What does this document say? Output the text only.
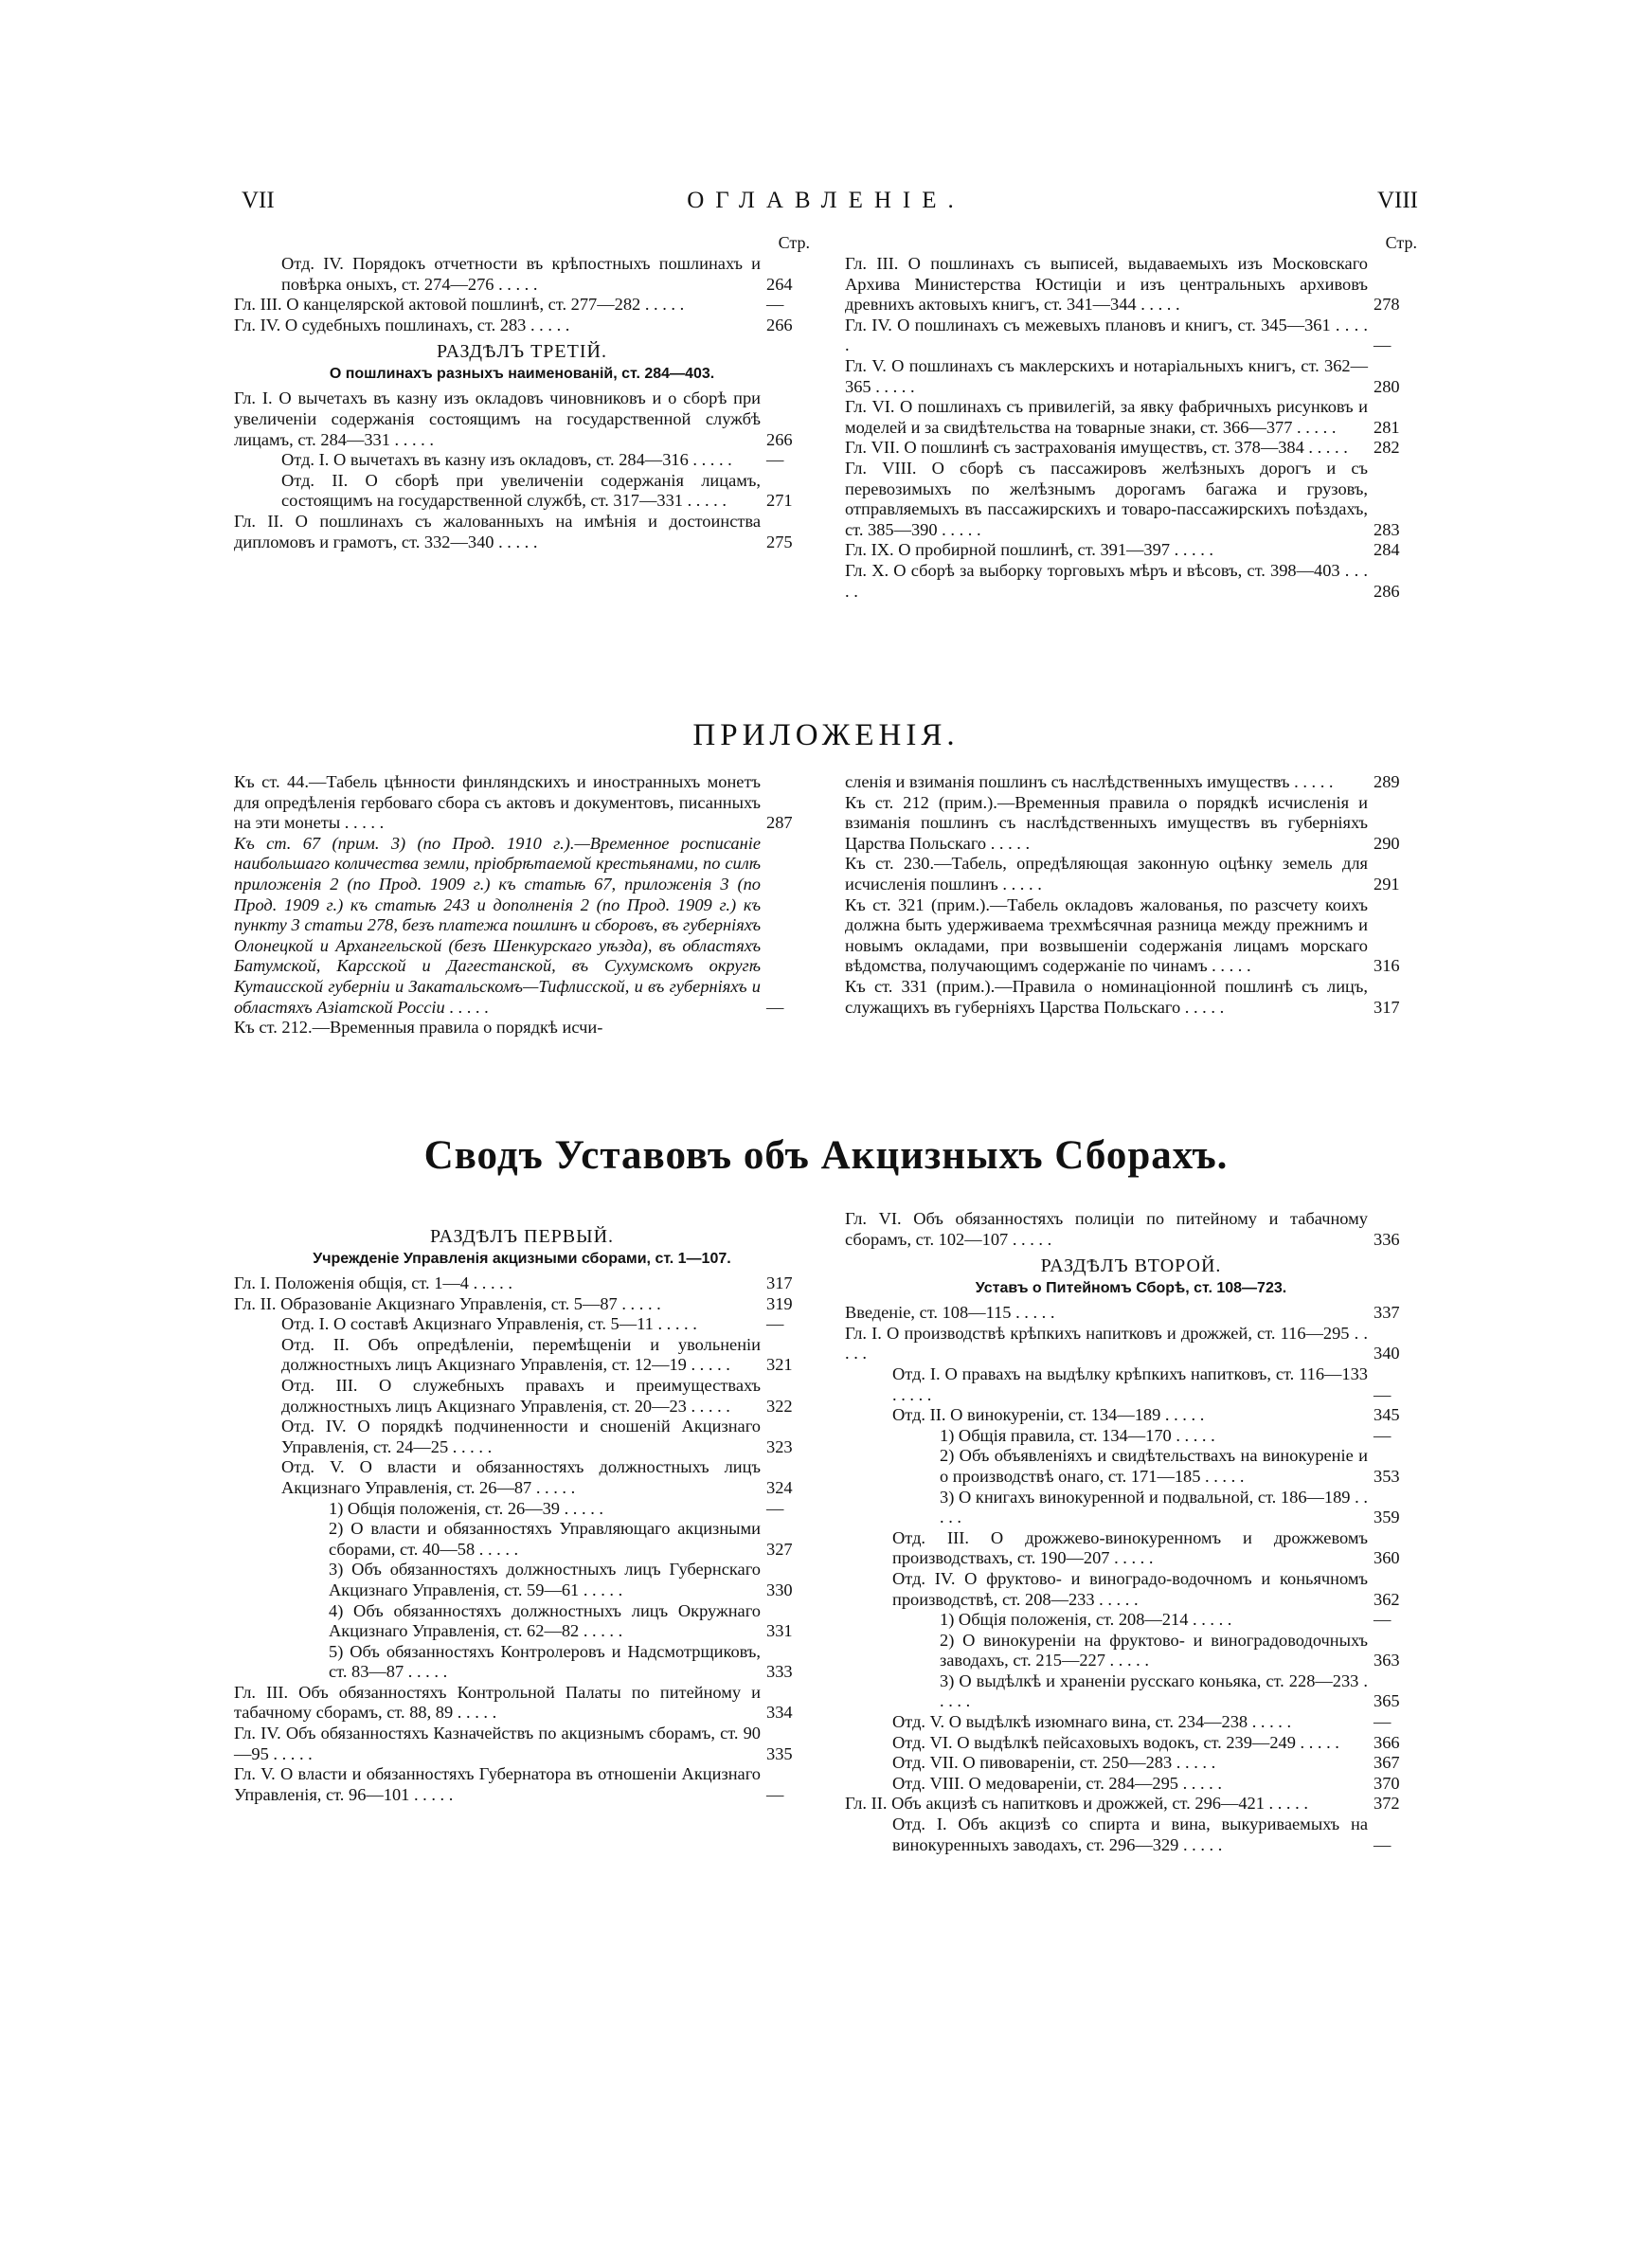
VII	ОГЛАВЛЕНІЕ.	VIII
Стр.

Отд. IV. Порядокъ отчетности въ крѣпостныхъ пошлинахъ и повѣрка оныхъ, ст. 274—276 . . . . .	264

Гл. III. О канцелярской актовой пошлинѣ, ст. 277—282 . . . . .	—

Гл. IV. О судебныхъ пошлинахъ, ст. 283 . . . . .	266

РАЗДѢЛЪ ТРЕТІЙ.
О пошлинахъ разныхъ наименованій, ст. 284—403.

Гл. I. О вычетахъ въ казну изъ окладовъ чиновниковъ и о сборѣ при увеличеніи содержанія состоящимъ на государственной службѣ лицамъ, ст. 284—331 . . . . .	266

Отд. I. О вычетахъ въ казну изъ окладовъ, ст. 284—316 . . . . . —

Отд. II. О сборѣ при увеличеніи содержанія лицамъ, состоящимъ на государственной службѣ, ст. 317—331 . . . . . 271

Гл. II. О пошлинахъ съ жалованныхъ на имѣнія и достоинства дипломовъ и грамотъ, ст. 332—340 . . . . .	275

Стр.

Гл. III. О пошлинахъ съ выписей, выдаваемыхъ изъ Московскаго Архива Министерства Юстиціи и изъ центральныхъ архивовъ древнихъ актовыхъ книгъ, ст. 341—344 . . . . .	278

Гл. IV. О пошлинахъ съ межевыхъ плановъ и книгъ, ст. 345—361 . . . . .	—

Гл. V. О пошлинахъ съ маклерскихъ и нотаріальныхъ книгъ, ст. 362—365 . . . . .	280

Гл. VI. О пошлинахъ съ привилегій, за явку фабричныхъ рисунковъ и моделей и за свидѣтельства на товарные знаки, ст. 366—377 . . . . . 281

Гл. VII. О пошлинѣ съ застрахованія имуществъ, ст. 378—384 . . . . . 282

Гл. VIII. О сборѣ съ пассажировъ желѣзныхъ дорогъ и съ перевозимыхъ по желѣзнымъ дорогамъ багажа и грузовъ, отправляемыхъ въ пассажирскихъ и товаро-пассажирскихъ поѣздахъ, ст. 385—390 . . . . .	283

Гл. IX. О пробирной пошлинѣ, ст. 391—397 . . . . .	284

Гл. X. О сборѣ за выборку торговыхъ мѣръ и вѣсовъ, ст. 398—403 . . . . .	286

ПРИЛОЖЕНІЯ.

Къ ст. 44.—Табель цѣнности финляндскихъ и иностранныхъ монетъ для опредѣленія гербоваго сбора съ актовъ и документовъ, писанныхъ на эти монеты . . . . .	287

Къ ст. 67 (прим. 3) (по Прод. 1910 г.).—Временное росписаніе наибольшаго количества земли, пріобрѣтаемой крестьянами, по силѣ приложенія 2 (по Прод. 1909 г.) къ статьѣ 67, приложенія 3 (по Прод. 1909 г.) къ статьѣ 243 и дополненія 2 (по Прод. 1909 г.) къ пункту 3 статьи 278, безъ платежа пошлинъ и сборовъ, въ губерніяхъ Олонецкой и Архангельской (безъ Шенкурскаго уѣзда), въ областяхъ Батумской, Карсской и Дагестанской, въ Сухумскомъ округѣ Кутаисской губерніи и Закатальскомъ—Тифлисской, и въ губерніяхъ и областяхъ Азіатской Россіи . . . . .	—

Къ ст. 212.—Временныя правила о порядкѣ исчи-

сленія и взиманія пошлинъ съ наслѣдственныхъ имуществъ . . . . . 289

Къ ст. 212 (прим.).—Временныя правила о порядкѣ исчисленія и взиманія пошлинъ съ наслѣдственныхъ имуществъ въ губерніяхъ Царства Польскаго . . . . .	290

Къ ст. 230.—Табель, опредѣляющая законную оцѣнку земель для исчисленія пошлинъ . . . . .	291

Къ ст. 321 (прим.).—Табель окладовъ жалованья, по разсчету коихъ должна быть удерживаема трехмѣсячная разница между прежнимъ и новымъ окладами, при возвышеніи содержанія лицамъ морскаго вѣдомства, получающимъ содержаніе по чинамъ . . . . .	316

Къ ст. 331 (прим.).—Правила о номинаціонной пошлинѣ съ лицъ, служащихъ въ губерніяхъ Царства Польскаго . . . . .	317

Сводъ Уставовъ объ Акцизныхъ Сборахъ.
РАЗДѢЛЪ ПЕРВЫЙ.
Учрежденіе Управленія акцизными сборами, ст. 1—107.

Гл. I. Положенія общія, ст. 1—4 . . . . .	317

Гл. II. Образованіе Акцизнаго Управленія, ст. 5—87 . . . . .	319

Отд. I. О составѣ Акцизнаго Управленія, ст. 5—11 . . . . .	—

Отд. II. Объ опредѣленіи, перемѣщеніи и увольненіи должностныхъ лицъ Акцизнаго Управленія, ст. 12—19 . . . . . 321

Отд. III. О служебныхъ правахъ и преимуществахъ должностныхъ лицъ Акцизнаго Управленія, ст. 20—23 . . . . . 322

Отд. IV. О порядкѣ подчиненности и сношеній Акцизнаго Управленія, ст. 24—25 . . . . .	323

Отд. V. О власти и обязанностяхъ должностныхъ лицъ Акцизнаго Управленія, ст. 26—87 . . . . .	324

1) Общія положенія, ст. 26—39 . . . . .	—

2) О власти и обязанностяхъ Управляющаго акцизными сборами, ст. 40—58 . . . . .	327

3) Объ обязанностяхъ должностныхъ лицъ Губернскаго Акцизнаго Управленія, ст. 59—61 . . . . .	330

4) Объ обязанностяхъ должностныхъ лицъ Окружнаго Акцизнаго Управленія, ст. 62—82 . . . . .	331

5) Объ обязанностяхъ Контролеровъ и Надсмотрщиковъ, ст. 83—87 . . . . .	333

Гл. III. Объ обязанностяхъ Контрольной Палаты по питейному и табачному сборамъ, ст. 88, 89 . . . . .	334

Гл. IV. Объ обязанностяхъ Казначействъ по акцизнымъ сборамъ, ст. 90—95 . . . . .	335

Гл. V. О власти и обязанностяхъ Губернатора въ отношеніи Акцизнаго Управленія, ст. 96—101 . . . . .	—

Гл. VI. Объ обязанностяхъ полиціи по питейному и табачному сборамъ, ст. 102—107 . . . . .	336

РАЗДѢЛЪ ВТОРОЙ.
Уставъ о Питейномъ Сборѣ, ст. 108—723.

Введеніе, ст. 108—115 . . . . .	337

Гл. I. О производствѣ крѣпкихъ напитковъ и дрожжей, ст. 116—295 . . . . .	340

Отд. I. О правахъ на выдѣлку крѣпкихъ напитковъ, ст. 116—133 . . . . .	—

Отд. II. О винокуреніи, ст. 134—189 . . . . .	345

1) Общія правила, ст. 134—170 . . . . .	—

2) Объ объявленіяхъ и свидѣтельствахъ на винокуреніе и о производствѣ онаго, ст. 171—185 . . . . .	353

3) О книгахъ винокуренной и подвальной, ст. 186—189 . . . . .	359

Отд. III. О дрожжево-винокуренномъ и дрожжевомъ производствахъ, ст. 190—207 . . . . .	360

Отд. IV. О фруктово- и виноградо-водочномъ и коньячномъ производствѣ, ст. 208—233 . . . . .	362

1) Общія положенія, ст. 208—214 . . . . .	—

2) О винокуреніи на фруктово- и виноградоводочныхъ заводахъ, ст. 215—227 . . . . .	363

3) О выдѣлкѣ и храненіи русскаго коньяка, ст. 228—233 . . . . .	365

Отд. V. О выдѣлкѣ изюмнаго вина, ст. 234—238 . . . . .	—

Отд. VI. О выдѣлкѣ пейсаховыхъ водокъ, ст. 239—249 . . . . . 366

Отд. VII. О пивовареніи, ст. 250—283 . . . . .	367

Отд. VIII. О медовареніи, ст. 284—295 . . . . .	370

Гл. II. Объ акцизѣ съ напитковъ и дрожжей, ст. 296—421 . . . . .	372

Отд. I. Объ акцизѣ со спирта и вина, выкуриваемыхъ на винокуренныхъ заводахъ, ст. 296—329 . . . . .	—
